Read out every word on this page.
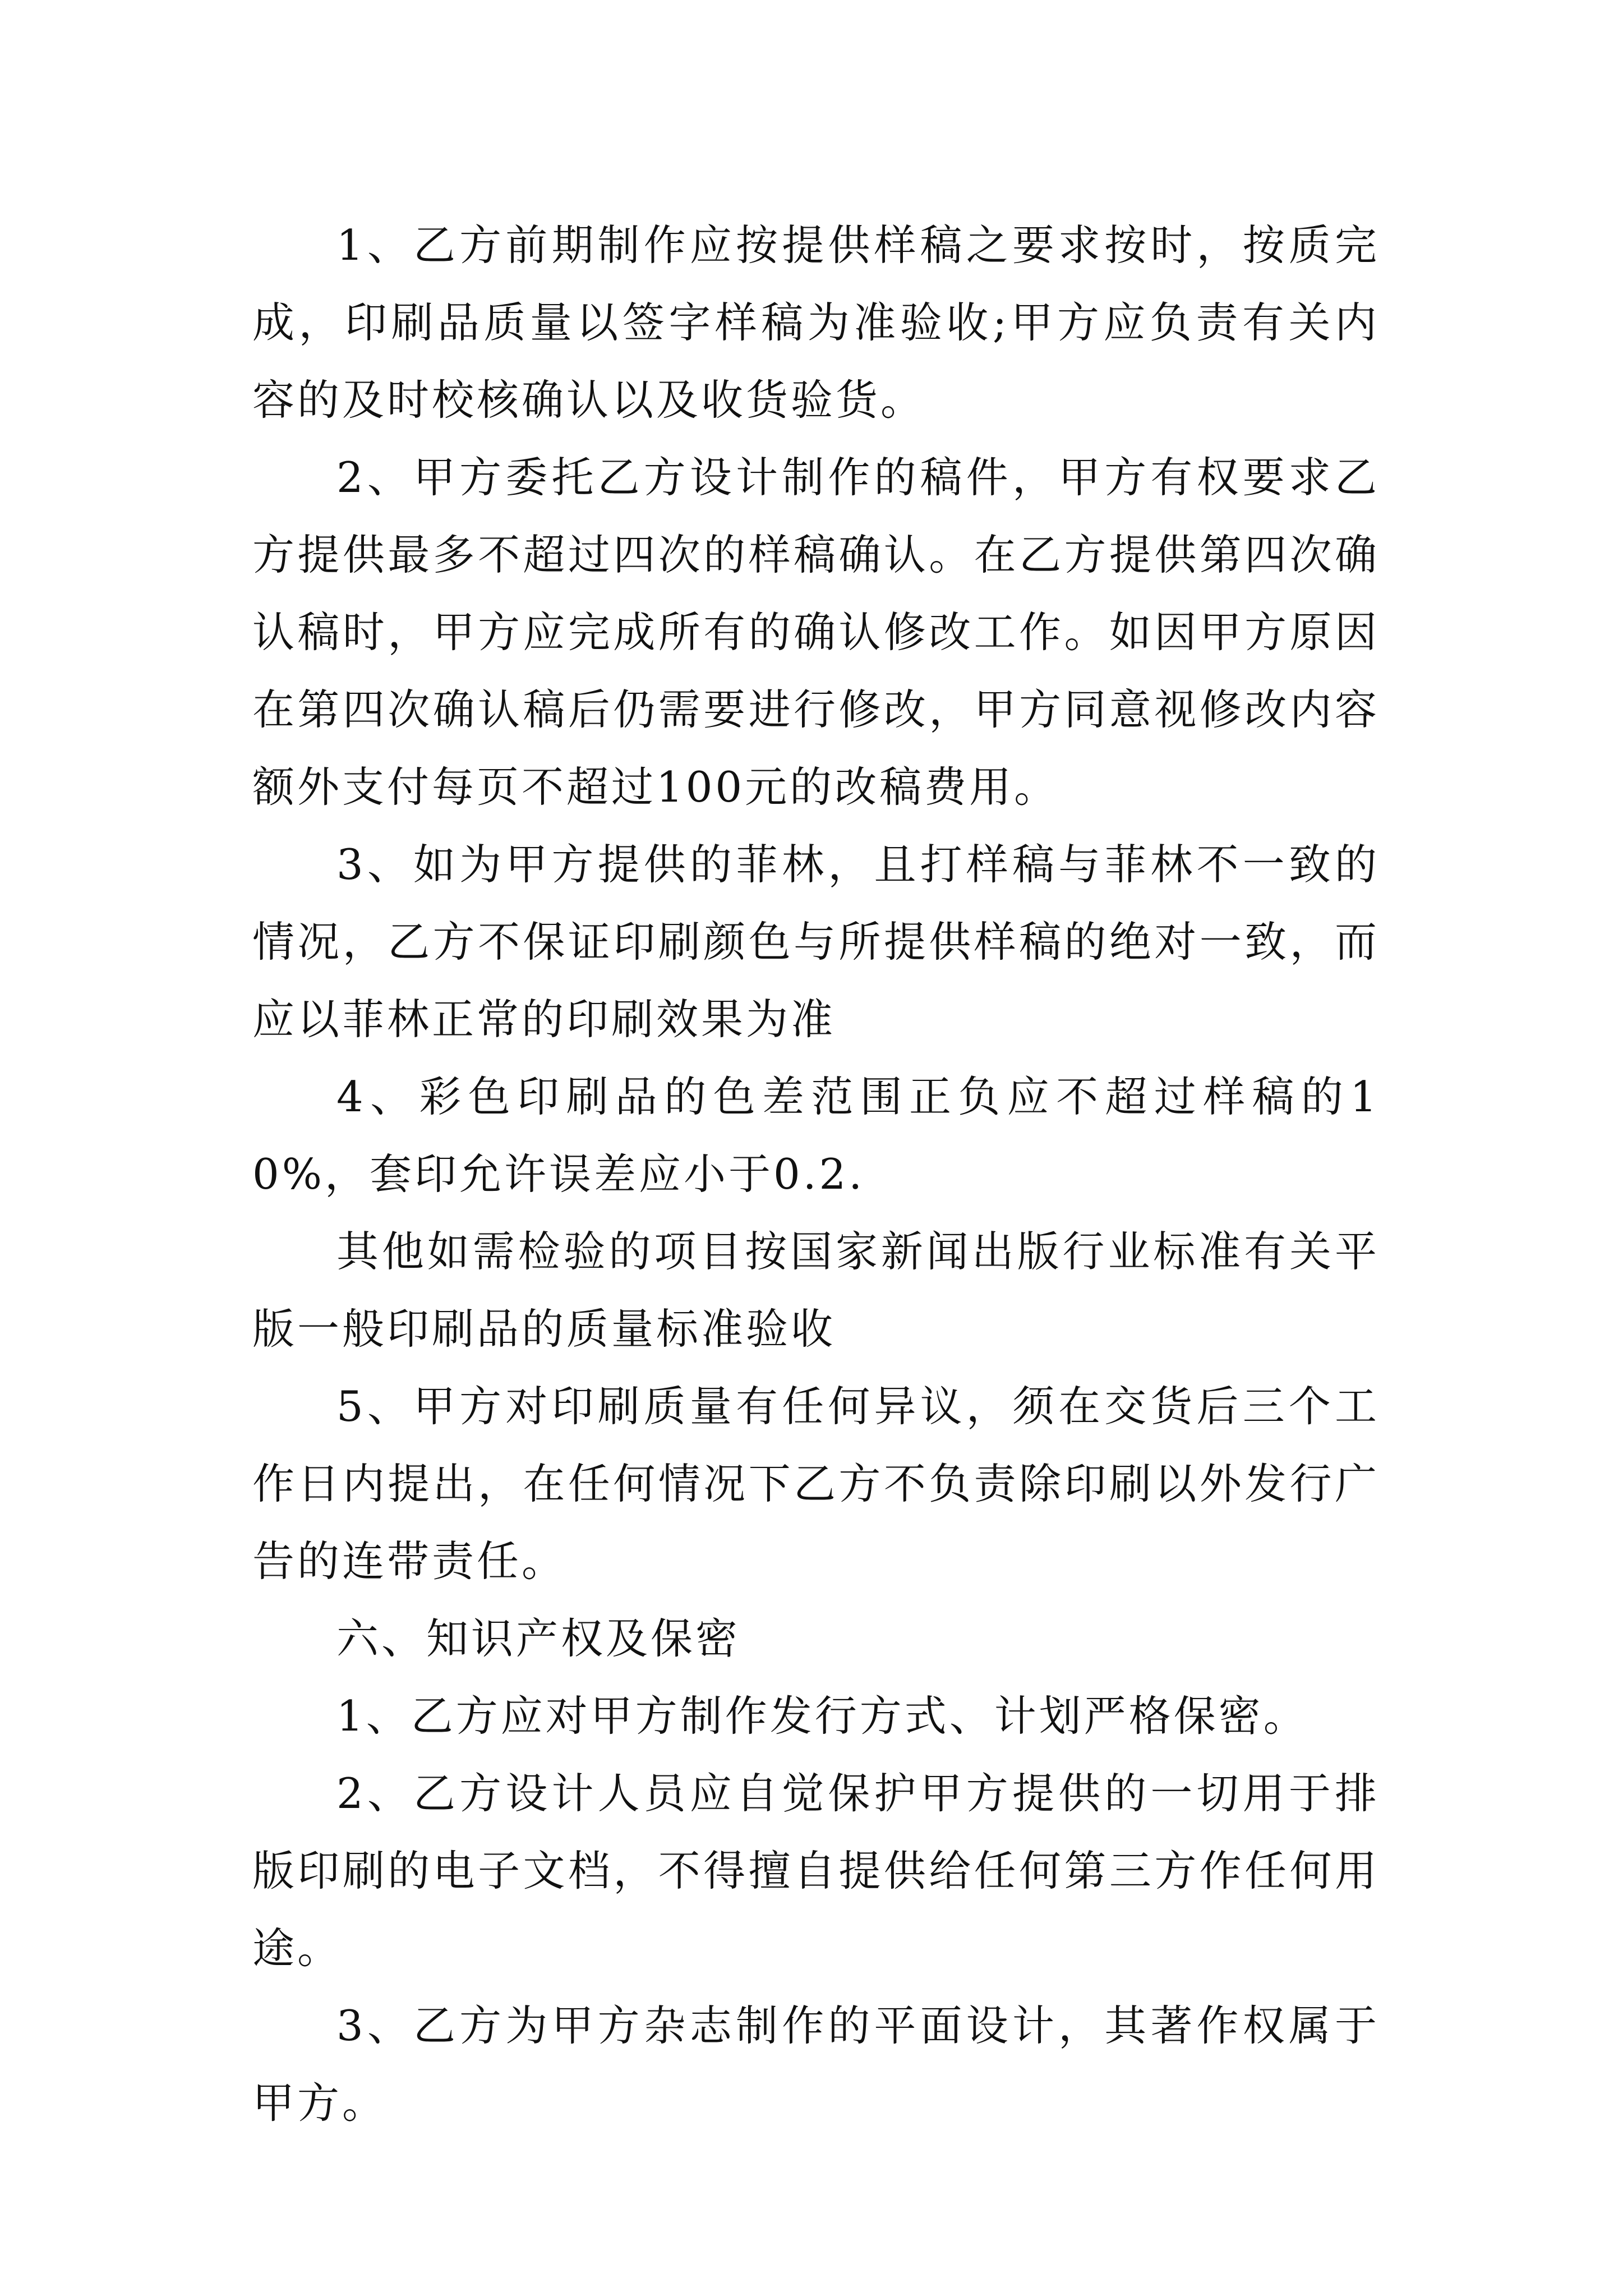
1、乙方前期制作应按提供样稿之要求按时，按质完成，印刷品质量以签字样稿为准验收;甲方应负责有关内容的及时校核确认以及收货验货。

2、甲方委托乙方设计制作的稿件，甲方有权要求乙方提供最多不超过四次的样稿确认。在乙方提供第四次确认稿时，甲方应完成所有的确认修改工作。如因甲方原因在第四次确认稿后仍需要进行修改，甲方同意视修改内容额外支付每页不超过100元的改稿费用。

3、如为甲方提供的菲林，且打样稿与菲林不一致的情况，乙方不保证印刷颜色与所提供样稿的绝对一致，而应以菲林正常的印刷效果为准

4、彩色印刷品的色差范围正负应不超过样稿的10%，套印允许误差应小于0.2.

其他如需检验的项目按国家新闻出版行业标准有关平版一般印刷品的质量标准验收

5、甲方对印刷质量有任何异议，须在交货后三个工作日内提出，在任何情况下乙方不负责除印刷以外发行广告的连带责任。

六、知识产权及保密

1、乙方应对甲方制作发行方式、计划严格保密。

2、乙方设计人员应自觉保护甲方提供的一切用于排版印刷的电子文档，不得擅自提供给任何第三方作任何用途。

3、乙方为甲方杂志制作的平面设计，其著作权属于甲方。
